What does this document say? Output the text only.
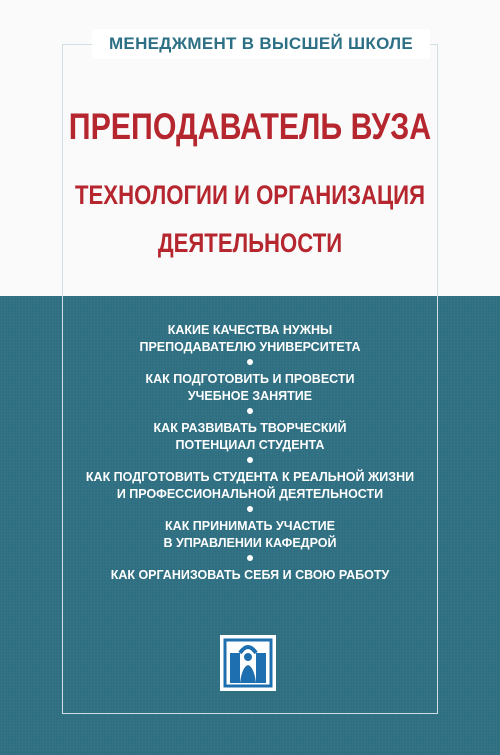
МЕНЕДЖМЕНТ В ВЫСШЕЙ ШКОЛЕ
ПРЕПОДАВАТЕЛЬ ВУЗА
ТЕХНОЛОГИИ И ОРГАНИЗАЦИЯ
ДЕЯТЕЛЬНОСТИ
КАКИЕ КАЧЕСТВА НУЖНЫ
ПРЕПОДАВАТЕЛЮ УНИВЕРСИТЕТА
КАК ПОДГОТОВИТЬ И ПРОВЕСТИ
УЧЕБНОЕ ЗАНЯТИЕ
КАК РАЗВИВАТЬ ТВОРЧЕСКИЙ
ПОТЕНЦИАЛ СТУДЕНТА
КАК ПОДГОТОВИТЬ СТУДЕНТА К РЕАЛЬНОЙ ЖИЗНИ
И ПРОФЕССИОНАЛЬНОЙ ДЕЯТЕЛЬНОСТИ
КАК ПРИНИМАТЬ УЧАСТИЕ
В УПРАВЛЕНИИ КАФЕДРОЙ
КАК ОРГАНИЗОВАТЬ СЕБЯ И СВОЮ РАБОТУ
